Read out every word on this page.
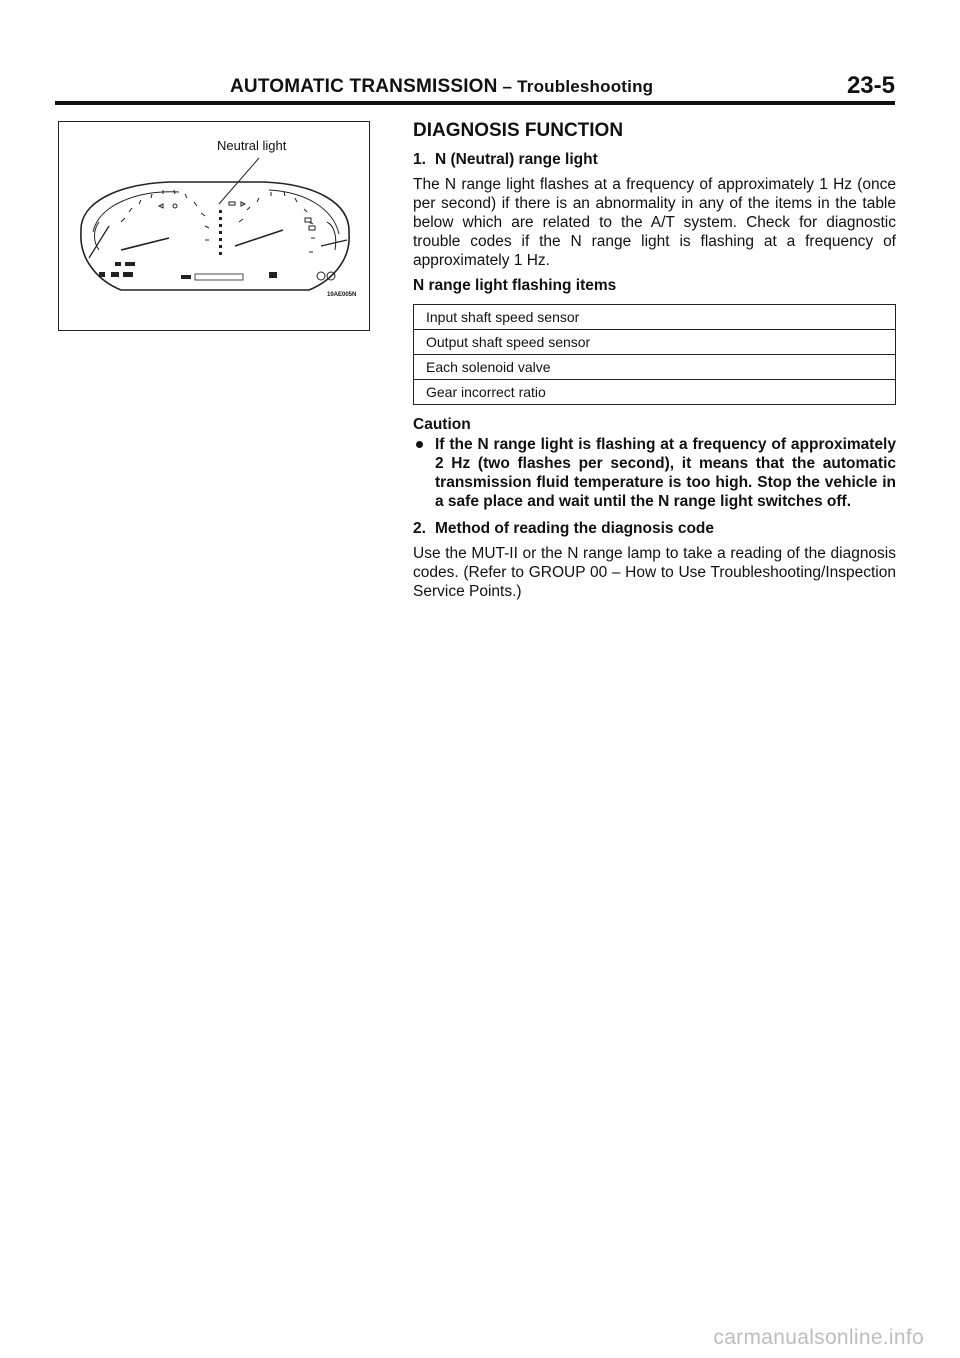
AUTOMATIC TRANSMISSION – Troubleshooting	23-5
Neutral light
10AE005N
DIAGNOSIS FUNCTION
1. N (Neutral) range light
The N range light flashes at a frequency of approximately 1 Hz (once per second) if there is an abnormality in any of the items in the table below which are related to the A/T system. Check for diagnostic trouble codes if the N range light is flashing at a frequency of approximately 1 Hz.
N range light flashing items
Input shaft speed sensor
Output shaft speed sensor
Each solenoid valve
Gear incorrect ratio
Caution
If the N range light is flashing at a frequency of approximately 2 Hz (two flashes per second), it means that the automatic transmission fluid temperature is too high. Stop the vehicle in a safe place and wait until the N range light switches off.
2. Method of reading the diagnosis code
Use the MUT-II or the N range lamp to take a reading of the diagnosis codes. (Refer to GROUP 00 – How to Use Troubleshooting/Inspection Service Points.)
carmanualsonline.info
